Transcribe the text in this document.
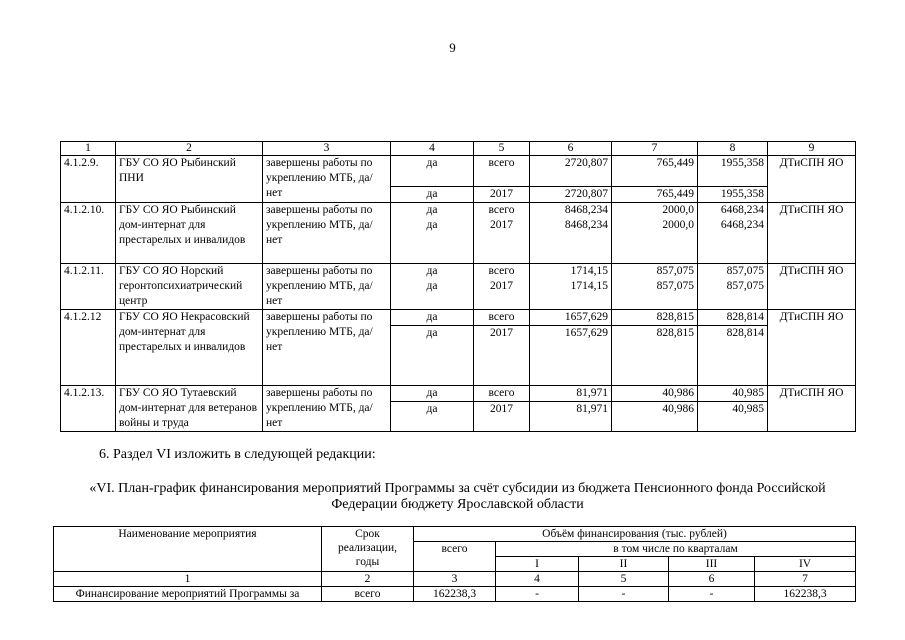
9
1	2	3	4	5	6	7	8	9
4.1.2.9.	ГБУ СО ЯО Рыбинский ПНИ	завершены работы по укреплению МТБ, да/ нет	да	всего	2720,807	765,449	1955,358	ДТиСПН ЯО
			да	2017	2720,807	765,449	1955,358	
4.1.2.10.	ГБУ СО ЯО Рыбинский дом-интернат для престарелых и инвалидов	завершены работы по укреплению МТБ, да/ нет	да	всего	8468,234	2000,0	6468,234	ДТиСПН ЯО
			да	2017	8468,234	2000,0	6468,234	
4.1.2.11.	ГБУ СО ЯО Норский геронтопсихиатрический центр	завершены работы по укреплению МТБ, да/ нет	да	всего	1714,15	857,075	857,075	ДТиСПН ЯО
			да	2017	1714,15	857,075	857,075	
4.1.2.12	ГБУ СО ЯО Некрасовский дом-интернат для престарелых и инвалидов	завершены работы по укреплению МТБ, да/ нет	да	всего	1657,629	828,815	828,814	ДТиСПН ЯО
			да	2017	1657,629	828,815	828,814	
4.1.2.13.	ГБУ СО ЯО Тутаевский дом-интернат для ветеранов войны и труда	завершены работы по укреплению МТБ, да/ нет	да	всего	81,971	40,986	40,985	ДТиСПН ЯО
			да	2017	81,971	40,986	40,985	
6. Раздел VI изложить в следующей редакции:
«VI. План-график финансирования мероприятий Программы за счёт субсидии из бюджета Пенсионного фонда Российской Федерации бюджету Ярославской области
Наименование мероприятия	Срок реализации, годы	Объём финансирования (тыс. рублей)				
		всего	в том числе по кварталам			
			I	II	III	IV
1	2	3	4	5	6	7
Финансирование мероприятий Программы за	всего	162238,3	-	-	-	162238,3
